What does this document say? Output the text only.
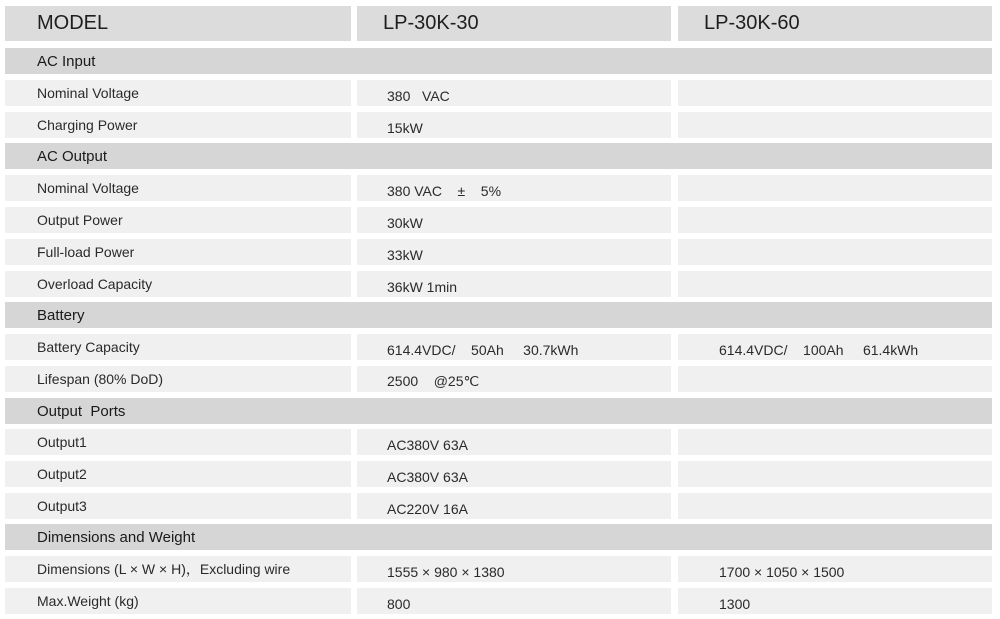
MODEL	LP-30K-30	LP-30K-60
AC Input
Nominal Voltage	380   VAC
Charging Power	15kW
AC Output
Nominal Voltage	380 VAC    ±    5%
Output Power	30kW
Full-load Power	33kW
Overload Capacity	36kW 1min
Battery
Battery Capacity	614.4VDC/    50Ah     30.7kWh	614.4VDC/    100Ah     61.4kWh
Lifespan (80% DoD)	2500    @25℃
Output  Ports
Output1	AC380V 63A
Output2	AC380V 63A
Output3	AC220V 16A
Dimensions and Weight
Dimensions (L × W × H)，Excluding wire	1555 × 980 × 1380	1700 × 1050 × 1500
Max.Weight (kg)	800	1300
